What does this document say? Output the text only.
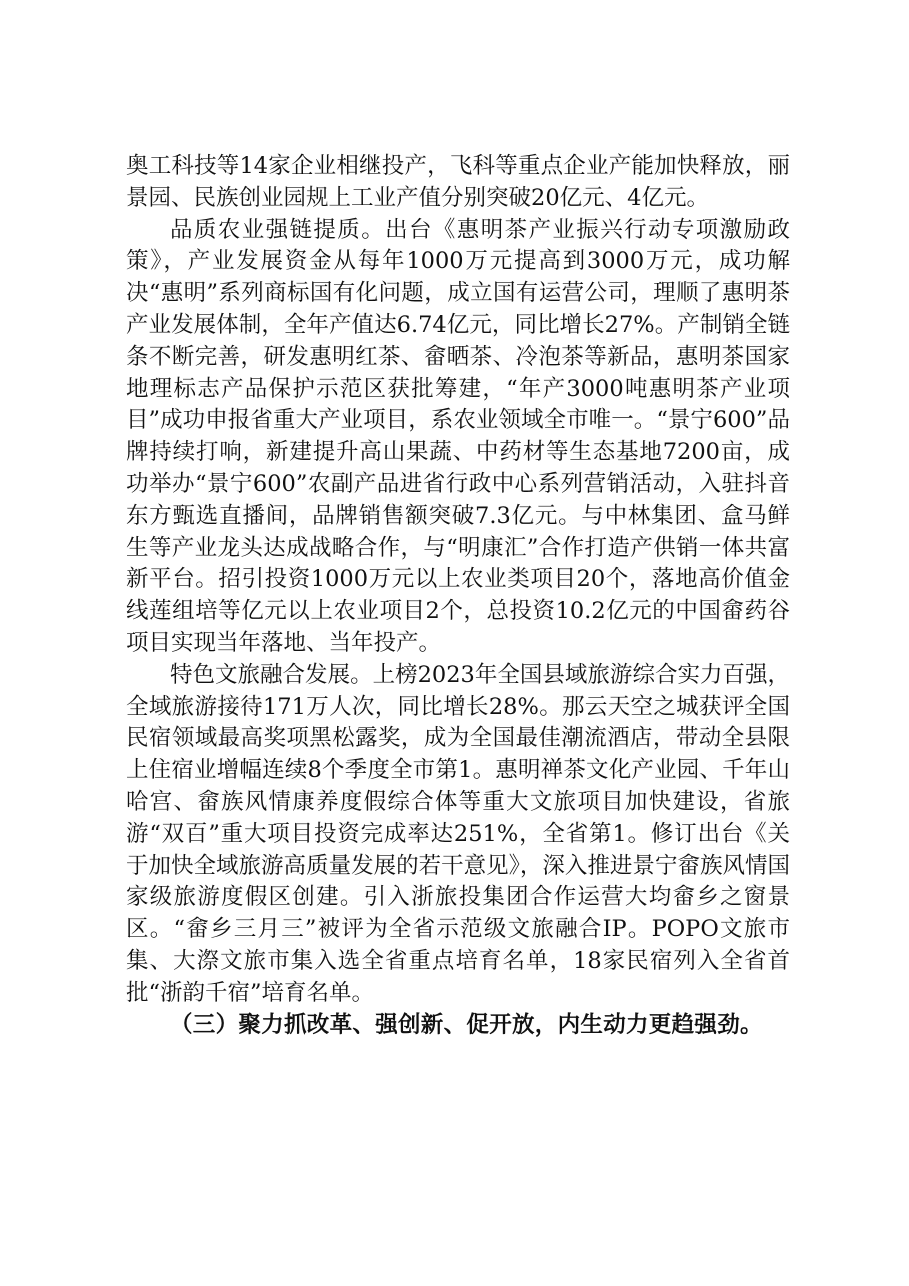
奥工科技等14家企业相继投产，飞科等重点企业产能加快释放，丽景园、民族创业园规上工业产值分别突破20亿元、4亿元。

品质农业强链提质。出台《惠明茶产业振兴行动专项激励政策》，产业发展资金从每年1000万元提高到3000万元，成功解决“惠明”系列商标国有化问题，成立国有运营公司，理顺了惠明茶产业发展体制，全年产值达6.74亿元，同比增长27%。产制销全链条不断完善，研发惠明红茶、畲晒茶、冷泡茶等新品，惠明茶国家地理标志产品保护示范区获批筹建，“年产3000吨惠明茶产业项目”成功申报省重大产业项目，系农业领域全市唯一。“景宁600”品牌持续打响，新建提升高山果蔬、中药材等生态基地7200亩，成功举办“景宁600”农副产品进省行政中心系列营销活动，入驻抖音东方甄选直播间，品牌销售额突破7.3亿元。与中林集团、盒马鲜生等产业龙头达成战略合作，与“明康汇”合作打造产供销一体共富新平台。招引投资1000万元以上农业类项目20个，落地高价值金线莲组培等亿元以上农业项目2个，总投资10.2亿元的中国畲药谷项目实现当年落地、当年投产。

特色文旅融合发展。上榜2023年全国县域旅游综合实力百强，全域旅游接待171万人次，同比增长28%。那云天空之城获评全国民宿领域最高奖项黑松露奖，成为全国最佳潮流酒店，带动全县限上住宿业增幅连续8个季度全市第1。惠明禅茶文化产业园、千年山哈宫、畲族风情康养度假综合体等重大文旅项目加快建设，省旅游“双百”重大项目投资完成率达251%，全省第1。修订出台《关于加快全域旅游高质量发展的若干意见》，深入推进景宁畲族风情国家级旅游度假区创建。引入浙旅投集团合作运营大均畲乡之窗景区。“畲乡三月三”被评为全省示范级文旅融合IP。POPO文旅市集、大漈文旅市集入选全省重点培育名单，18家民宿列入全省首批“浙韵千宿”培育名单。

（三）聚力抓改革、强创新、促开放，内生动力更趋强劲。
